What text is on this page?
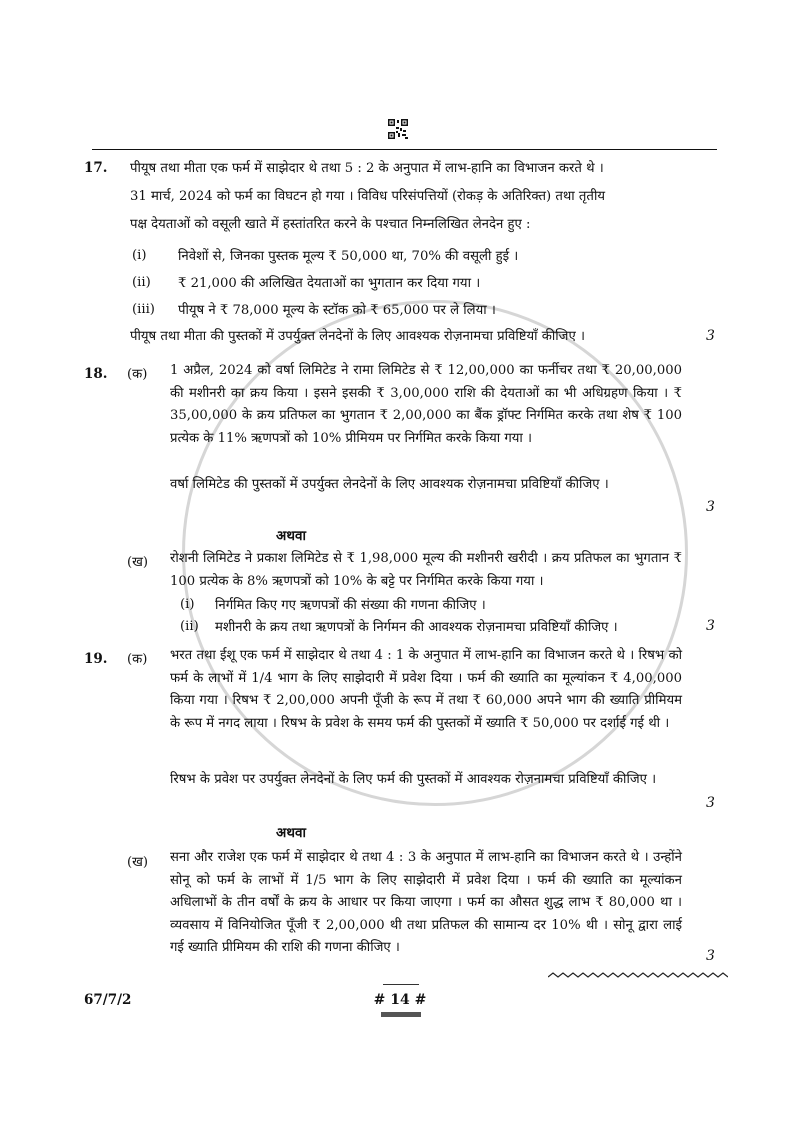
17. पीयूष तथा मीता एक फर्म में साझेदार थे तथा 5 : 2 के अनुपात में लाभ-हानि का विभाजन करते थे ।
31 मार्च, 2024 को फर्म का विघटन हो गया । विविध परिसंपत्तियों (रोकड़ के अतिरिक्त) तथा तृतीय
पक्ष देयताओं को वसूली खाते में हस्तांतरित करने के पश्चात निम्नलिखित लेनदेन हुए :
(i) निवेशों से, जिनका पुस्तक मूल्य ₹ 50,000 था, 70% की वसूली हुई ।
(ii) ₹ 21,000 की अलिखित देयताओं का भुगतान कर दिया गया ।
(iii) पीयूष ने ₹ 78,000 मूल्य के स्टॉक को ₹ 65,000 पर ले लिया ।
पीयूष तथा मीता की पुस्तकों में उपर्युक्त लेनदेनों के लिए आवश्यक रोज़नामचा प्रविष्टियाँ कीजिए ।	3
18. (क) 1 अप्रैल, 2024 को वर्षा लिमिटेड ने रामा लिमिटेड से ₹ 12,00,000 का फर्नीचर तथा ₹ 20,00,000 की मशीनरी का क्रय किया । इसने इसकी ₹ 3,00,000 राशि की देयताओं का भी अधिग्रहण किया । ₹ 35,00,000 के क्रय प्रतिफल का भुगतान ₹ 2,00,000 का बैंक ड्रॉफ्ट निर्गमित करके तथा शेष ₹ 100 प्रत्येक के 11% ऋणपत्रों को 10% प्रीमियम पर निर्गमित करके किया गया ।
वर्षा लिमिटेड की पुस्तकों में उपर्युक्त लेनदेनों के लिए आवश्यक रोज़नामचा प्रविष्टियाँ कीजिए ।
3
अथवा
(ख) रोशनी लिमिटेड ने प्रकाश लिमिटेड से ₹ 1,98,000 मूल्य की मशीनरी खरीदी । क्रय प्रतिफल का भुगतान ₹ 100 प्रत्येक के 8% ऋणपत्रों को 10% के बट्टे पर निर्गमित करके किया गया ।
(i) निर्गमित किए गए ऋणपत्रों की संख्या की गणना कीजिए ।
(ii) मशीनरी के क्रय तथा ऋणपत्रों के निर्गमन की आवश्यक रोज़नामचा प्रविष्टियाँ कीजिए ।	3
19. (क) भरत तथा ईशू एक फर्म में साझेदार थे तथा 4 : 1 के अनुपात में लाभ-हानि का विभाजन करते थे । रिषभ को फर्म के लाभों में 1/4 भाग के लिए साझेदारी में प्रवेश दिया । फर्म की ख्याति का मूल्यांकन ₹ 4,00,000 किया गया । रिषभ ₹ 2,00,000 अपनी पूँजी के रूप में तथा ₹ 60,000 अपने भाग की ख्याति प्रीमियम के रूप में नगद लाया । रिषभ के प्रवेश के समय फर्म की पुस्तकों में ख्याति ₹ 50,000 पर दर्शाई गई थी ।
रिषभ के प्रवेश पर उपर्युक्त लेनदेनों के लिए फर्म की पुस्तकों में आवश्यक रोज़नामचा प्रविष्टियाँ कीजिए ।
3
अथवा
(ख) सना और राजेश एक फर्म में साझेदार थे तथा 4 : 3 के अनुपात में लाभ-हानि का विभाजन करते थे । उन्होंने सोनू को फर्म के लाभों में 1/5 भाग के लिए साझेदारी में प्रवेश दिया । फर्म की ख्याति का मूल्यांकन अधिलाभों के तीन वर्षों के क्रय के आधार पर किया जाएगा । फर्म का औसत शुद्ध लाभ ₹ 80,000 था । व्यवसाय में विनियोजित पूँजी ₹ 2,00,000 थी तथा प्रतिफल की सामान्य दर 10% थी । सोनू द्वारा लाई गई ख्याति प्रीमियम की राशि की गणना कीजिए ।
3
67/7/2	# 14 #
